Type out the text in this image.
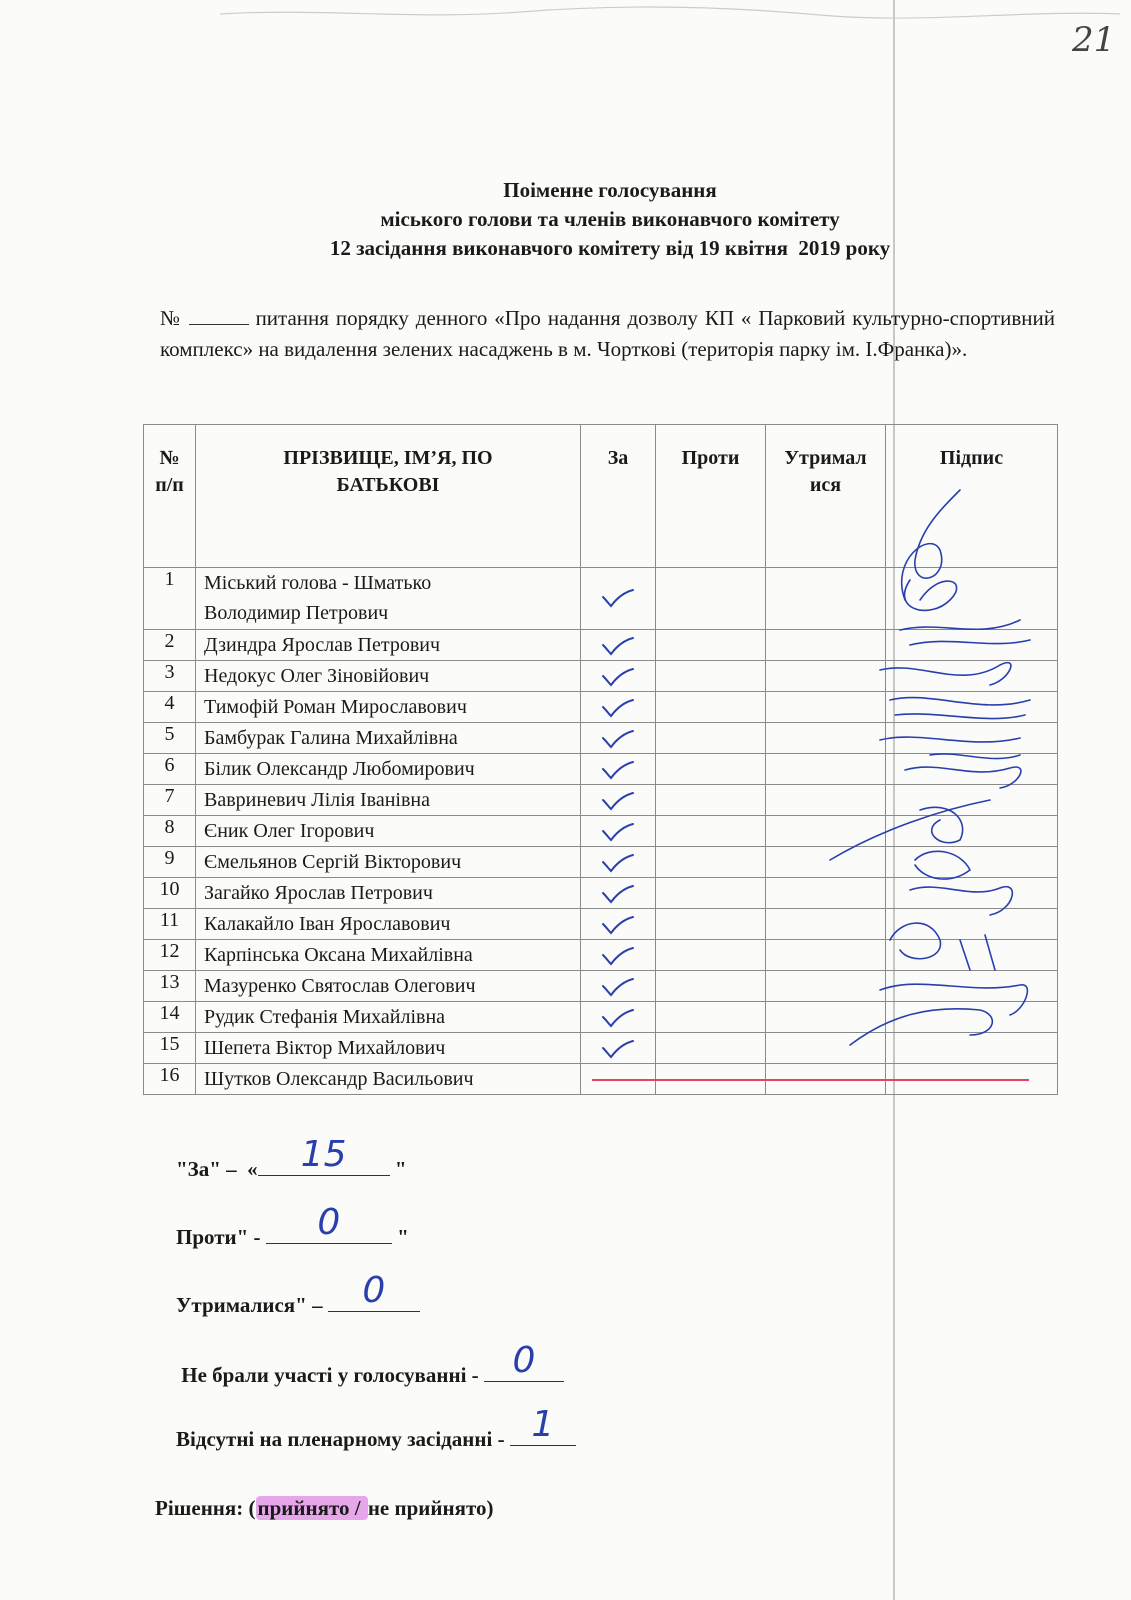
21
Поіменне голосування
міського голови та членів виконавчого комітету
12 засідання виконавчого комітету від 19 квітня  2019 року
№	питання порядку денного «Про надання дозволу КП « Парковий культурно-спортивний комплекс» на видалення зелених насаджень в м. Чорткові (територія парку ім. І.Франка)».
№ п/п	ПРІЗВИЩЕ, ІМ’Я, ПО БАТЬКОВІ	За	Проти	Утрималися	Підпис
1	Міський голова - Шматько
Володимир Петрович

2	Дзиндра Ярослав Петрович	

3	Недокус Олег Зіновійович	

4	Тимофій Роман Мирославович	

5	Бамбурак Галина Михайлівна	

6	Білик Олександр Любомирович	

7	Вавриневич Лілія Іванівна	

8	Єник Олег Ігорович	

9	Ємельянов Сергій Вікторович	

10	Загайко Ярослав Петрович	

11	Калакайло Іван Ярославович	

12	Карпінська Оксана Михайлівна	

13	Мазуренко Святослав Олегович	

14	Рудик Стефанія Михайлівна	

15	Шепета Віктор Михайлович	

16	Шутков Олександр Васильович				

"За" –  «	15	"

Проти" -	0	"

Утрималися" – 0

Не брали участі у голосуванні - 0

Відсутні на пленарному засіданні - 1

Рішення: (прийнято / не прийнято)
